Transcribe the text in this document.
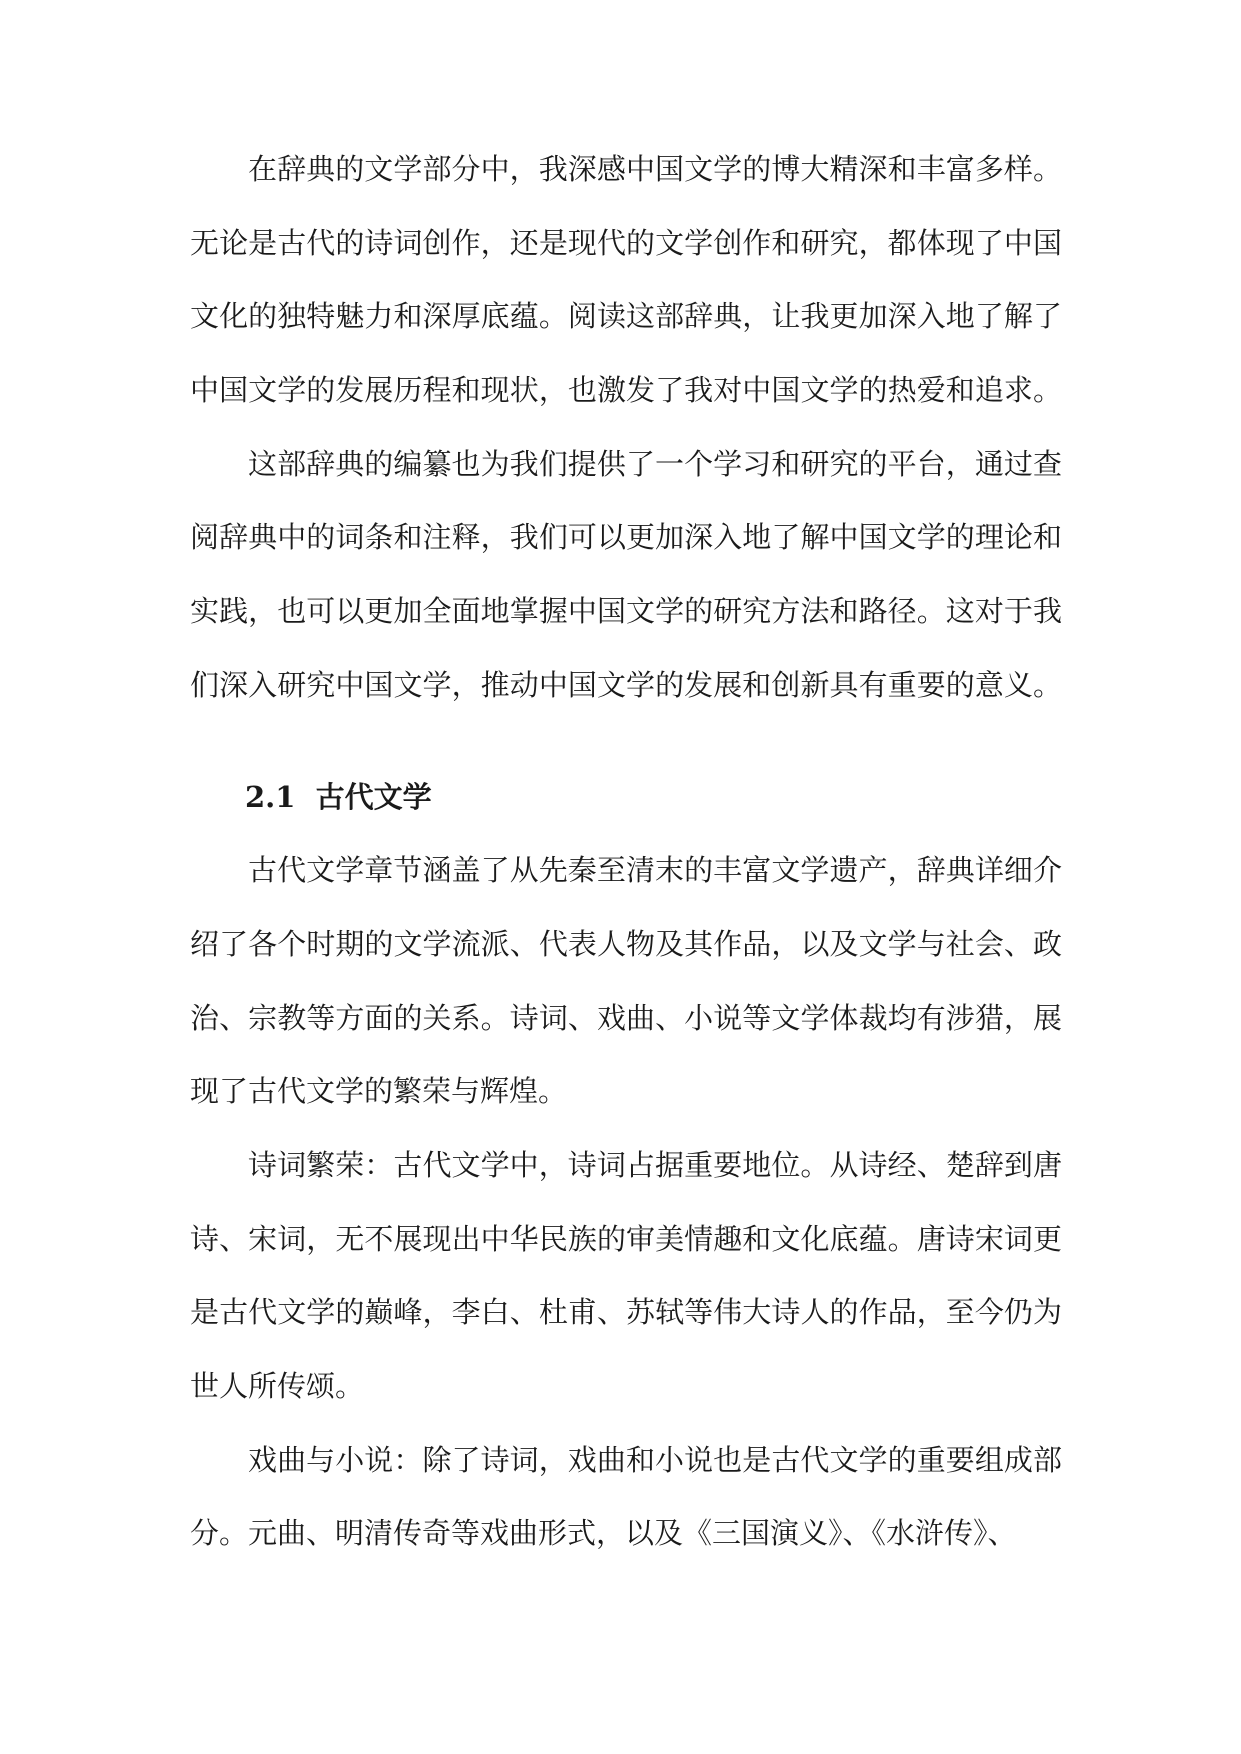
在辞典的文学部分中，我深感中国文学的博大精深和丰富多样。
无论是古代的诗词创作，还是现代的文学创作和研究，都体现了中国
文化的独特魅力和深厚底蕴。阅读这部辞典，让我更加深入地了解了
中国文学的发展历程和现状，也激发了我对中国文学的热爱和追求。
这部辞典的编纂也为我们提供了一个学习和研究的平台，通过查
阅辞典中的词条和注释，我们可以更加深入地了解中国文学的理论和
实践，也可以更加全面地掌握中国文学的研究方法和路径。这对于我
们深入研究中国文学，推动中国文学的发展和创新具有重要的意义。
2.1  古代文学
古代文学章节涵盖了从先秦至清末的丰富文学遗产，辞典详细介
绍了各个时期的文学流派、代表人物及其作品，以及文学与社会、政
治、宗教等方面的关系。诗词、戏曲、小说等文学体裁均有涉猎，展
现了古代文学的繁荣与辉煌。
诗词繁荣：古代文学中，诗词占据重要地位。从诗经、楚辞到唐
诗、宋词，无不展现出中华民族的审美情趣和文化底蕴。唐诗宋词更
是古代文学的巅峰，李白、杜甫、苏轼等伟大诗人的作品，至今仍为
世人所传颂。
戏曲与小说：除了诗词，戏曲和小说也是古代文学的重要组成部
分。元曲、明清传奇等戏曲形式，以及《三国演义》、《水浒传》、
